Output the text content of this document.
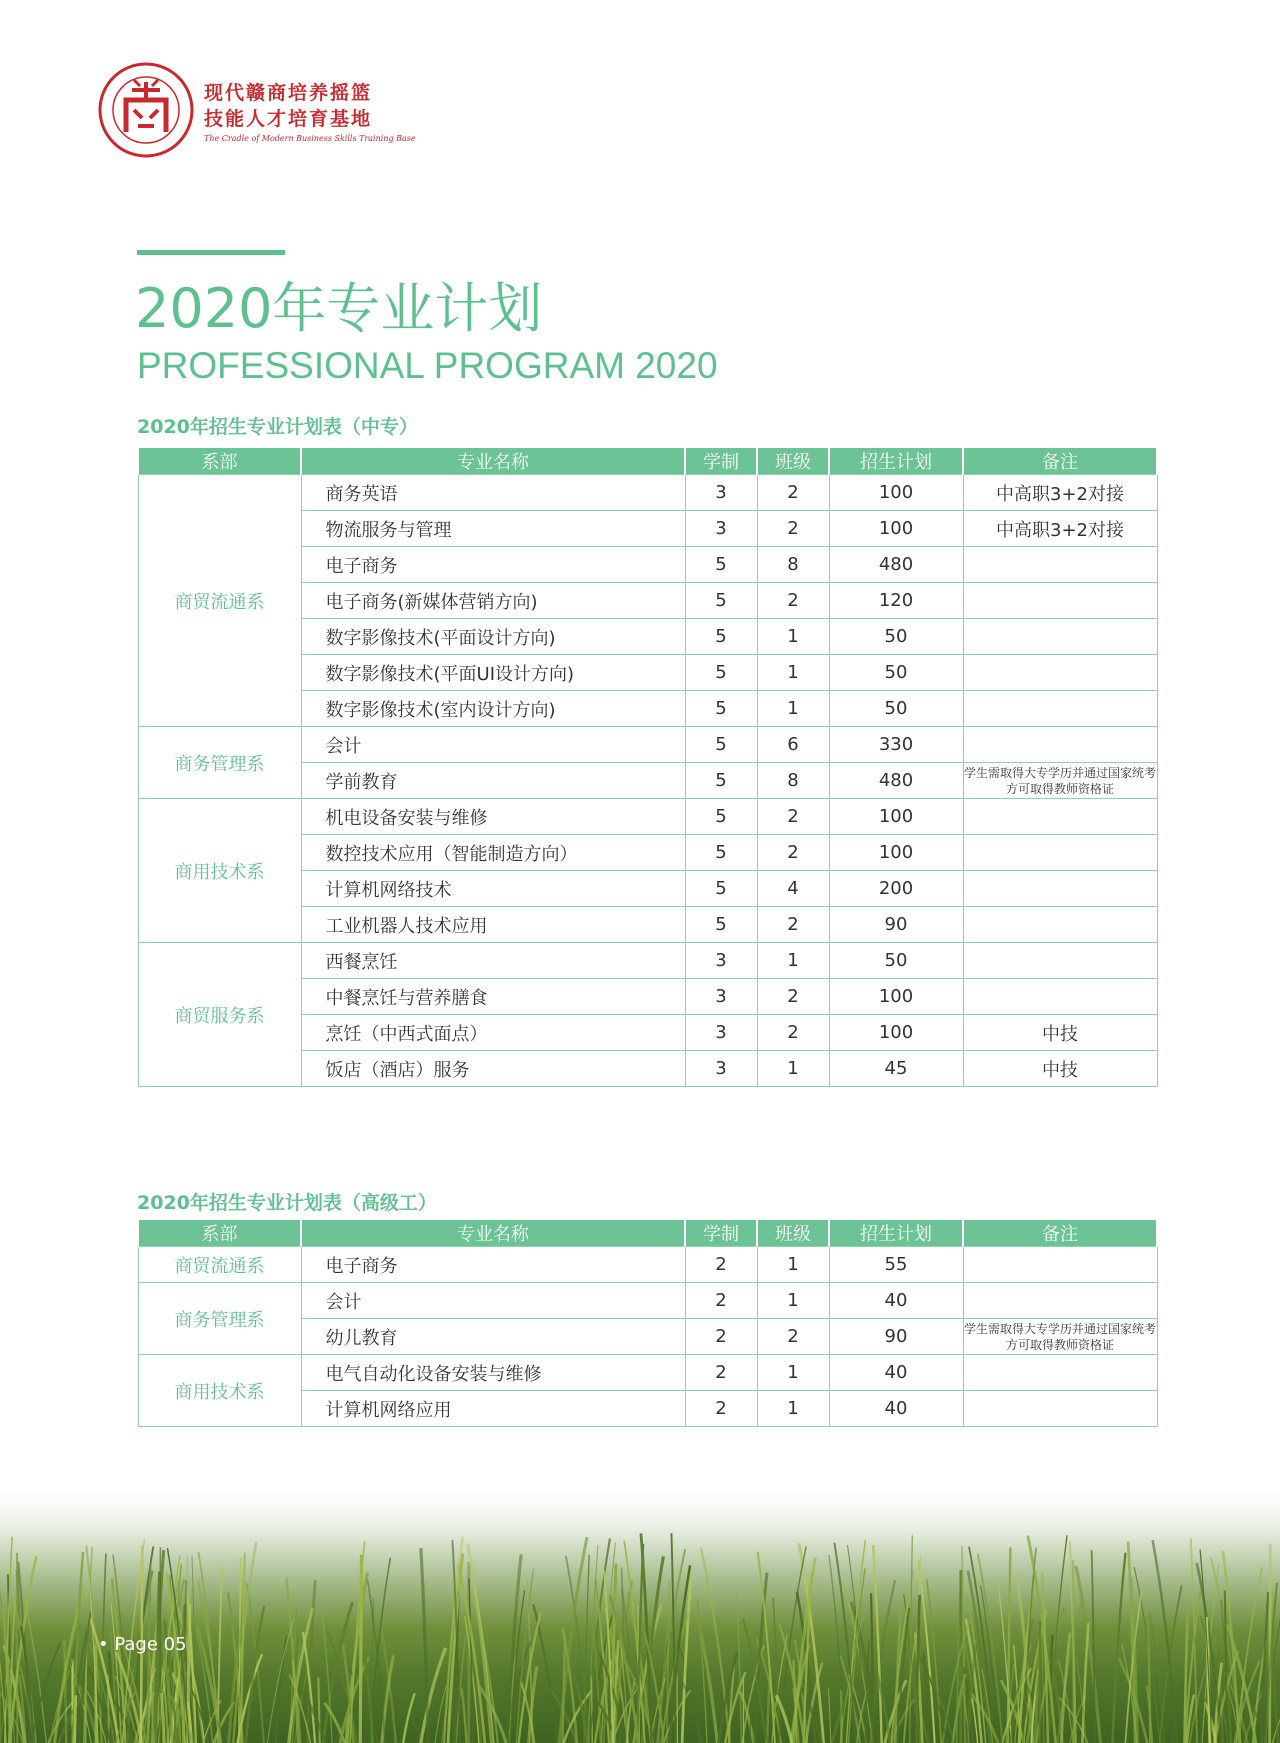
现代赣商培养摇篮
技能人才培育基地
The Cradle of Modern Business Skills Training Base
2020年专业计划
PROFESSIONAL PROGRAM 2020
2020年招生专业计划表（中专）
系部	专业名称	学制	班级	招生计划	备注
商贸流通系	商务英语	3	2	100	中高职3+2对接
	物流服务与管理	3	2	100	中高职3+2对接
	电子商务	5	8	480	
	电子商务(新媒体营销方向)	5	2	120	
	数字影像技术(平面设计方向)	5	1	50	
	数字影像技术(平面UI设计方向)	5	1	50	
	数字影像技术(室内设计方向)	5	1	50	
商务管理系	会计	5	6	330	
	学前教育	5	8	480	学生需取得大专学历并通过国家统考方可取得教师资格证
商用技术系	机电设备安装与维修	5	2	100	
	数控技术应用（智能制造方向）	5	2	100	
	计算机网络技术	5	4	200	
	工业机器人技术应用	5	2	90	
商贸服务系	西餐烹饪	3	1	50	
	中餐烹饪与营养膳食	3	2	100	
	烹饪（中西式面点）	3	2	100	中技
	饭店（酒店）服务	3	1	45	中技
2020年招生专业计划表（高级工）
系部	专业名称	学制	班级	招生计划	备注
商贸流通系	电子商务	2	1	55	
商务管理系	会计	2	1	40	
	幼儿教育	2	2	90	学生需取得大专学历并通过国家统考方可取得教师资格证
商用技术系	电气自动化设备安装与维修	2	1	40	
	计算机网络应用	2	1	40	
• Page 05
